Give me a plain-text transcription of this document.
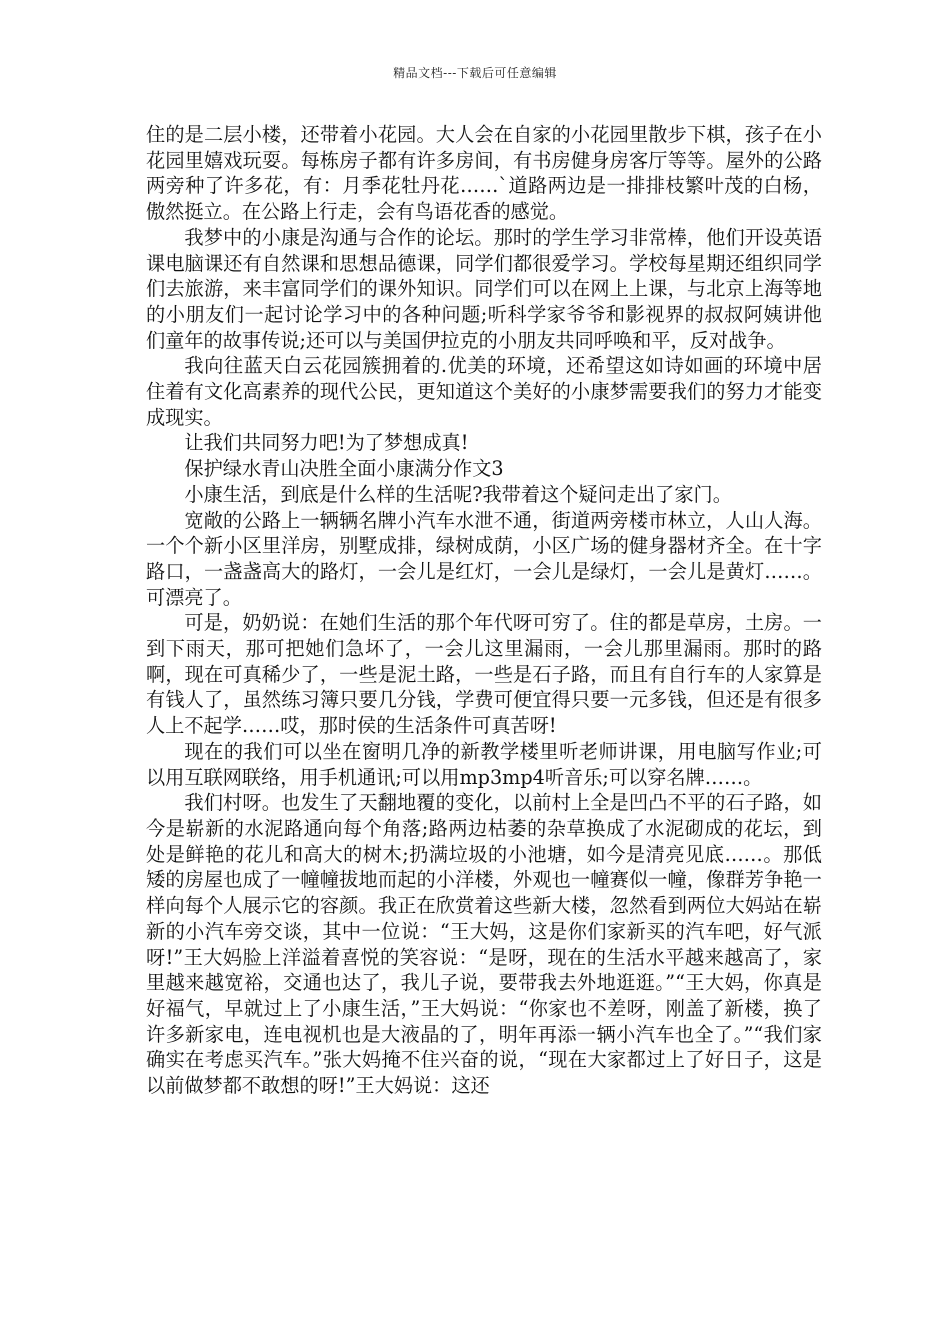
精品文档---下载后可任意编辑

住的是二层小楼，还带着小花园。大人会在自家的小花园里散步下棋，孩子在小花园里嬉戏玩耍。每栋房子都有许多房间，有书房健身房客厅等等。屋外的公路两旁种了许多花，有：月季花牡丹花……`道路两边是一排排枝繁叶茂的白杨，傲然挺立。在公路上行走，会有鸟语花香的感觉。

我梦中的小康是沟通与合作的论坛。那时的学生学习非常棒，他们开设英语课电脑课还有自然课和思想品德课，同学们都很爱学习。学校每星期还组织同学们去旅游，来丰富同学们的课外知识。同学们可以在网上上课，与北京上海等地的小朋友们一起讨论学习中的各种问题;听科学家爷爷和影视界的叔叔阿姨讲他们童年的故事传说;还可以与美国伊拉克的小朋友共同呼唤和平，反对战争。

我向往蓝天白云花园簇拥着的.优美的环境，还希望这如诗如画的环境中居住着有文化高素养的现代公民，更知道这个美好的小康梦需要我们的努力才能变成现实。

让我们共同努力吧!为了梦想成真!

保护绿水青山决胜全面小康满分作文3

小康生活，到底是什么样的生活呢?我带着这个疑问走出了家门。

宽敞的公路上一辆辆名牌小汽车水泄不通，街道两旁楼市林立，人山人海。一个个新小区里洋房，别墅成排，绿树成荫，小区广场的健身器材齐全。在十字路口，一盏盏高大的路灯，一会儿是红灯，一会儿是绿灯，一会儿是黄灯……。可漂亮了。

可是，奶奶说：在她们生活的那个年代呀可穷了。住的都是草房，土房。一到下雨天，那可把她们急坏了，一会儿这里漏雨，一会儿那里漏雨。那时的路啊，现在可真稀少了，一些是泥土路，一些是石子路，而且有自行车的人家算是有钱人了，虽然练习簿只要几分钱，学费可便宜得只要一元多钱，但还是有很多人上不起学……哎，那时侯的生活条件可真苦呀!

现在的我们可以坐在窗明几净的新教学楼里听老师讲课，用电脑写作业;可以用互联网联络，用手机通讯;可以用mp3mp4听音乐;可以穿名牌……。

我们村呀。也发生了天翻地覆的变化，以前村上全是凹凸不平的石子路，如今是崭新的水泥路通向每个角落;路两边枯萎的杂草换成了水泥砌成的花坛，到处是鲜艳的花儿和高大的树木;扔满垃圾的小池塘，如今是清亮见底……。那低矮的房屋也成了一幢幢拔地而起的小洋楼，外观也一幢赛似一幢，像群芳争艳一样向每个人展示它的容颜。我正在欣赏着这些新大楼，忽然看到两位大妈站在崭新的小汽车旁交谈，其中一位说：“王大妈，这是你们家新买的汽车吧，好气派呀!”王大妈脸上洋溢着喜悦的笑容说：“是呀，现在的生活水平越来越高了，家里越来越宽裕，交通也达了，我儿子说，要带我去外地逛逛。”“王大妈，你真是好福气，早就过上了小康生活，”王大妈说：“你家也不差呀，刚盖了新楼，换了许多新家电，连电视机也是大液晶的了，明年再添一辆小汽车也全了。”“我们家确实在考虑买汽车。”张大妈掩不住兴奋的说，“现在大家都过上了好日子，这是以前做梦都不敢想的呀!”王大妈说：这还
